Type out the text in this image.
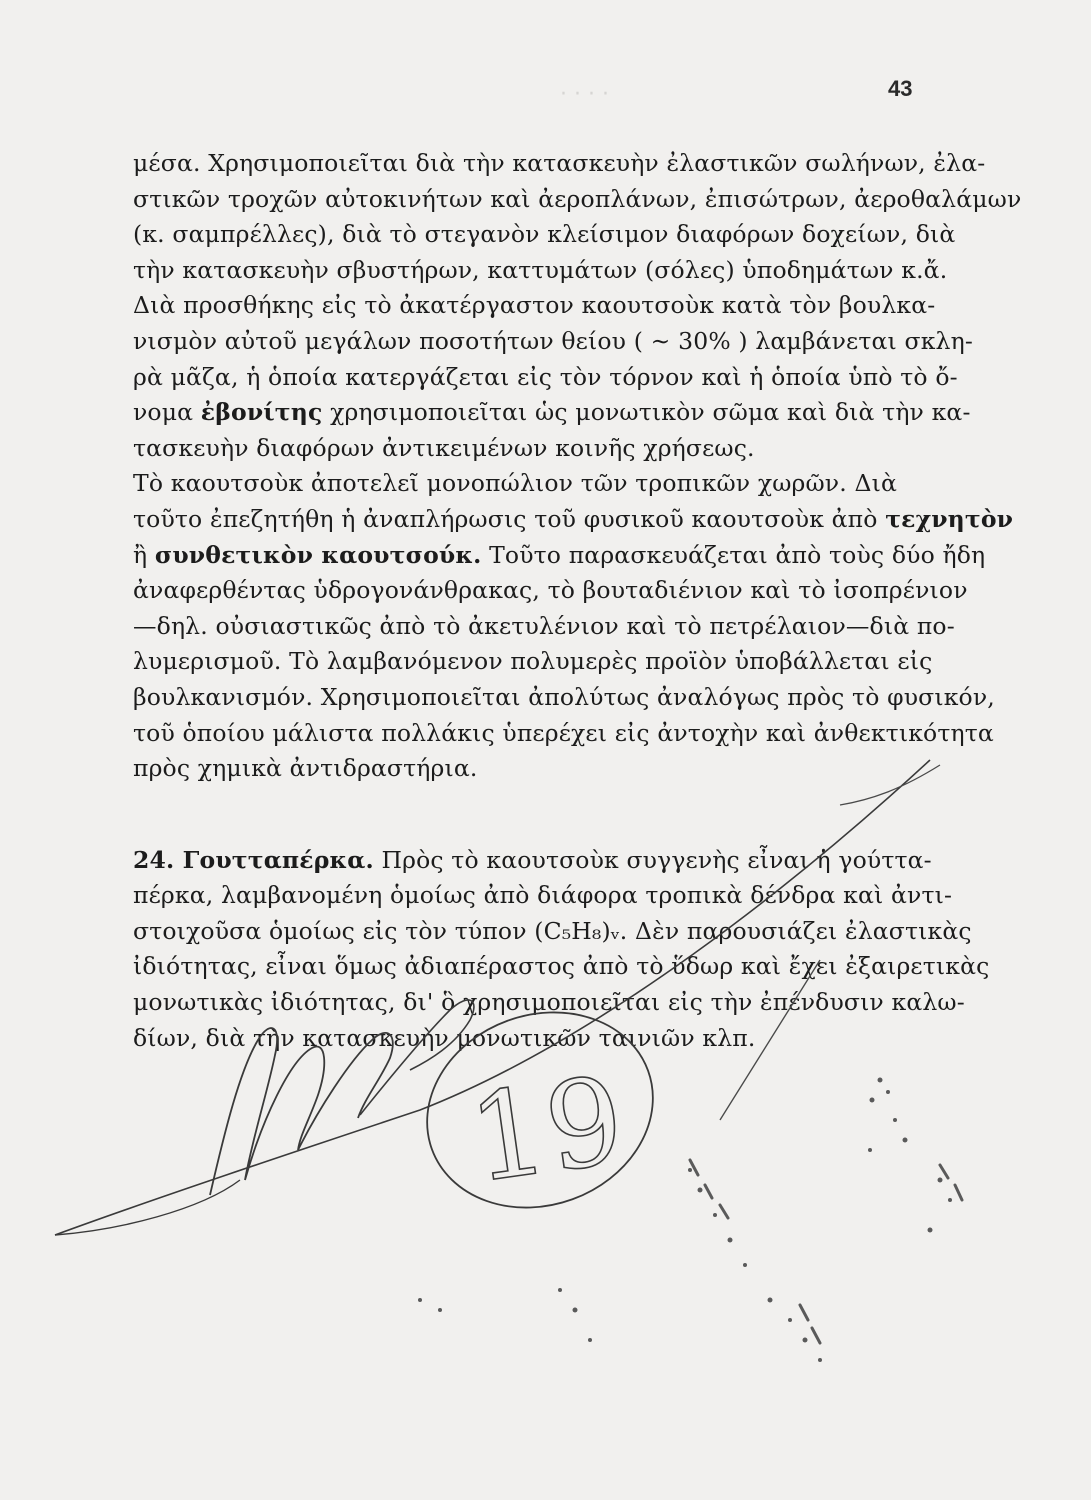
· · · ·	43
μέσα. Χρησιμοποιεῖται διὰ τὴν κατασκευὴν ἐλαστικῶν σωλήνων, ἐλα-
στικῶν τροχῶν αὐτοκινήτων καὶ ἀεροπλάνων, ἐπισώτρων, ἀεροθαλάμων
(κ. σαμπρέλλες), διὰ τὸ στεγανὸν κλείσιμον διαφόρων δοχείων, διὰ
τὴν κατασκευὴν σβυστήρων, καττυμάτων (σόλες) ὑποδημάτων κ.ἄ.
Διὰ προσθήκης εἰς τὸ ἀκατέργαστον καουτσοὺκ κατὰ τὸν βουλκα-
νισμὸν αὐτοῦ μεγάλων ποσοτήτων θείου ( ∼ 30% ) λαμβάνεται σκλη-
ρὰ μᾶζα, ἡ ὁποία κατεργάζεται εἰς τὸν τόρνον καὶ ἡ ὁποία ὑπὸ τὸ ὄ-
νομα ἐβονίτης χρησιμοποιεῖται ὡς μονωτικὸν σῶμα καὶ διὰ τὴν κα-
τασκευὴν διαφόρων ἀντικειμένων κοινῆς χρήσεως.
Τὸ καουτσοὺκ ἀποτελεῖ μονοπώλιον τῶν τροπικῶν χωρῶν. Διὰ
τοῦτο ἐπεζητήθη ἡ ἀναπλήρωσις τοῦ φυσικοῦ καουτσοὺκ ἀπὸ τεχνητὸν
ἢ συνθετικὸν καουτσούκ. Τοῦτο παρασκευάζεται ἀπὸ τοὺς δύο ἤδη
ἀναφερθέντας ὑδρογονάνθρακας, τὸ βουταδιένιον καὶ τὸ ἰσοπρένιον
—δηλ. οὐσιαστικῶς ἀπὸ τὸ ἀκετυλένιον καὶ τὸ πετρέλαιον—διὰ πο-
λυμερισμοῦ. Τὸ λαμβανόμενον πολυμερὲς προϊὸν ὑποβάλλεται εἰς
βουλκανισμόν. Χρησιμοποιεῖται ἀπολύτως ἀναλόγως πρὸς τὸ φυσικόν,
τοῦ ὁποίου μάλιστα πολλάκις ὑπερέχει εἰς ἀντοχὴν καὶ ἀνθεκτικότητα
πρὸς χημικὰ ἀντιδραστήρια.
24. Γουτταπέρκα. Πρὸς τὸ καουτσοὺκ συγγενὴς εἶναι ἡ γούττα-
πέρκα, λαμβανομένη ὁμοίως ἀπὸ διάφορα τροπικὰ δένδρα καὶ ἀντι-
στοιχοῦσα ὁμοίως εἰς τὸν τύπον (C₅H₈)ᵥ. Δὲν παρουσιάζει ἐλαστικὰς
ἰδιότητας, εἶναι ὅμως ἀδιαπέραστος ἀπὸ τὸ ὕδωρ καὶ ἔχει ἐξαιρετικὰς
μονωτικὰς ἰδιότητας, δι' ὃ χρησιμοποιεῖται εἰς τὴν ἐπένδυσιν καλω-
δίων, διὰ τὴν κατασκευὴν μονωτικῶν ταινιῶν κλπ.
19
